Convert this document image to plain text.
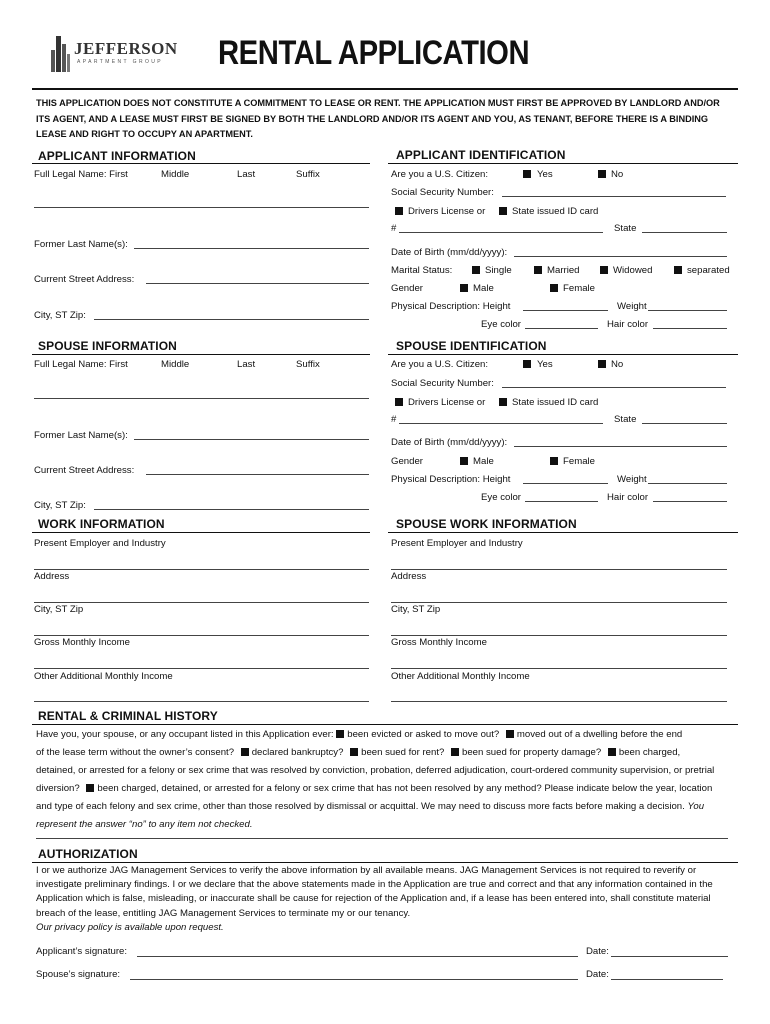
JEFFERSON
APARTMENT GROUP RENTAL APPLICATION
THIS APPLICATION DOES NOT CONSTITUTE A COMMITMENT TO LEASE OR RENT. THE APPLICATION MUST FIRST BE APPROVED BY LANDLORD AND/OR ITS AGENT, AND A LEASE MUST FIRST BE SIGNED BY BOTH THE LANDLORD AND/OR ITS AGENT AND YOU, AS TENANT, BEFORE THERE IS A BINDING LEASE AND RIGHT TO OCCUPY AN APARTMENT.
APPLICANT INFORMATION
Full Legal Name: First	Middle	Last	Suffix
Former Last Name(s):
Current Street Address:
City, ST Zip:
APPLICANT IDENTIFICATION
Are you a U.S. Citizen:	Yes	No
Social Security Number:
Drivers License or	State issued ID card
#	State
Date of Birth (mm/dd/yyyy):
Marital Status:	Single	Married	Widowed	separated
Gender	Male	Female
Physical Description: Height	Weight
Eye color	Hair color
SPOUSE INFORMATION
Full Legal Name: First	Middle	Last	Suffix
Former Last Name(s):
Current Street Address:
City, ST Zip:
SPOUSE IDENTIFICATION
Are you a U.S. Citizen:	Yes	No
Social Security Number:
Drivers License or	State issued ID card
#	State
Date of Birth (mm/dd/yyyy):
Gender	Male	Female
Physical Description: Height	Weight
Eye color	Hair color
WORK INFORMATION
Present Employer and Industry
Address
City, ST Zip
Gross Monthly Income
Other Additional Monthly Income
SPOUSE WORK INFORMATION
Present Employer and Industry
Address
City, ST Zip
Gross Monthly Income
Other Additional Monthly Income
RENTAL & CRIMINAL HISTORY
Have you, your spouse, or any occupant listed in this Application ever: been evicted or asked to move out? moved out of a dwelling before the end
of the lease term without the owner’s consent? declared bankruptcy? been sued for rent? been sued for property damage? been charged,
detained, or arrested for a felony or sex crime that was resolved by conviction, probation, deferred adjudication, court-ordered community supervision, or pretrial
diversion? been charged, detained, or arrested for a felony or sex crime that has not been resolved by any method? Please indicate below the year, location
and type of each felony and sex crime, other than those resolved by dismissal or acquittal. We may need to discuss more facts before making a decision. You
represent the answer “no” to any item not checked.
AUTHORIZATION
I or we authorize JAG Management Services to verify the above information by all available means. JAG Management Services is not required to reverify or investigate preliminary findings. I or we declare that the above statements made in the Application are true and correct and that any information contained in the Application which is false, misleading, or inaccurate shall be cause for rejection of the Application and, if a lease has been entered into, shall constitute material breach of the lease, entitling JAG Management Services to terminate my or our tenancy.
Our privacy policy is available upon request.
Applicant’s signature:	Date:
Spouse’s signature:	Date:
